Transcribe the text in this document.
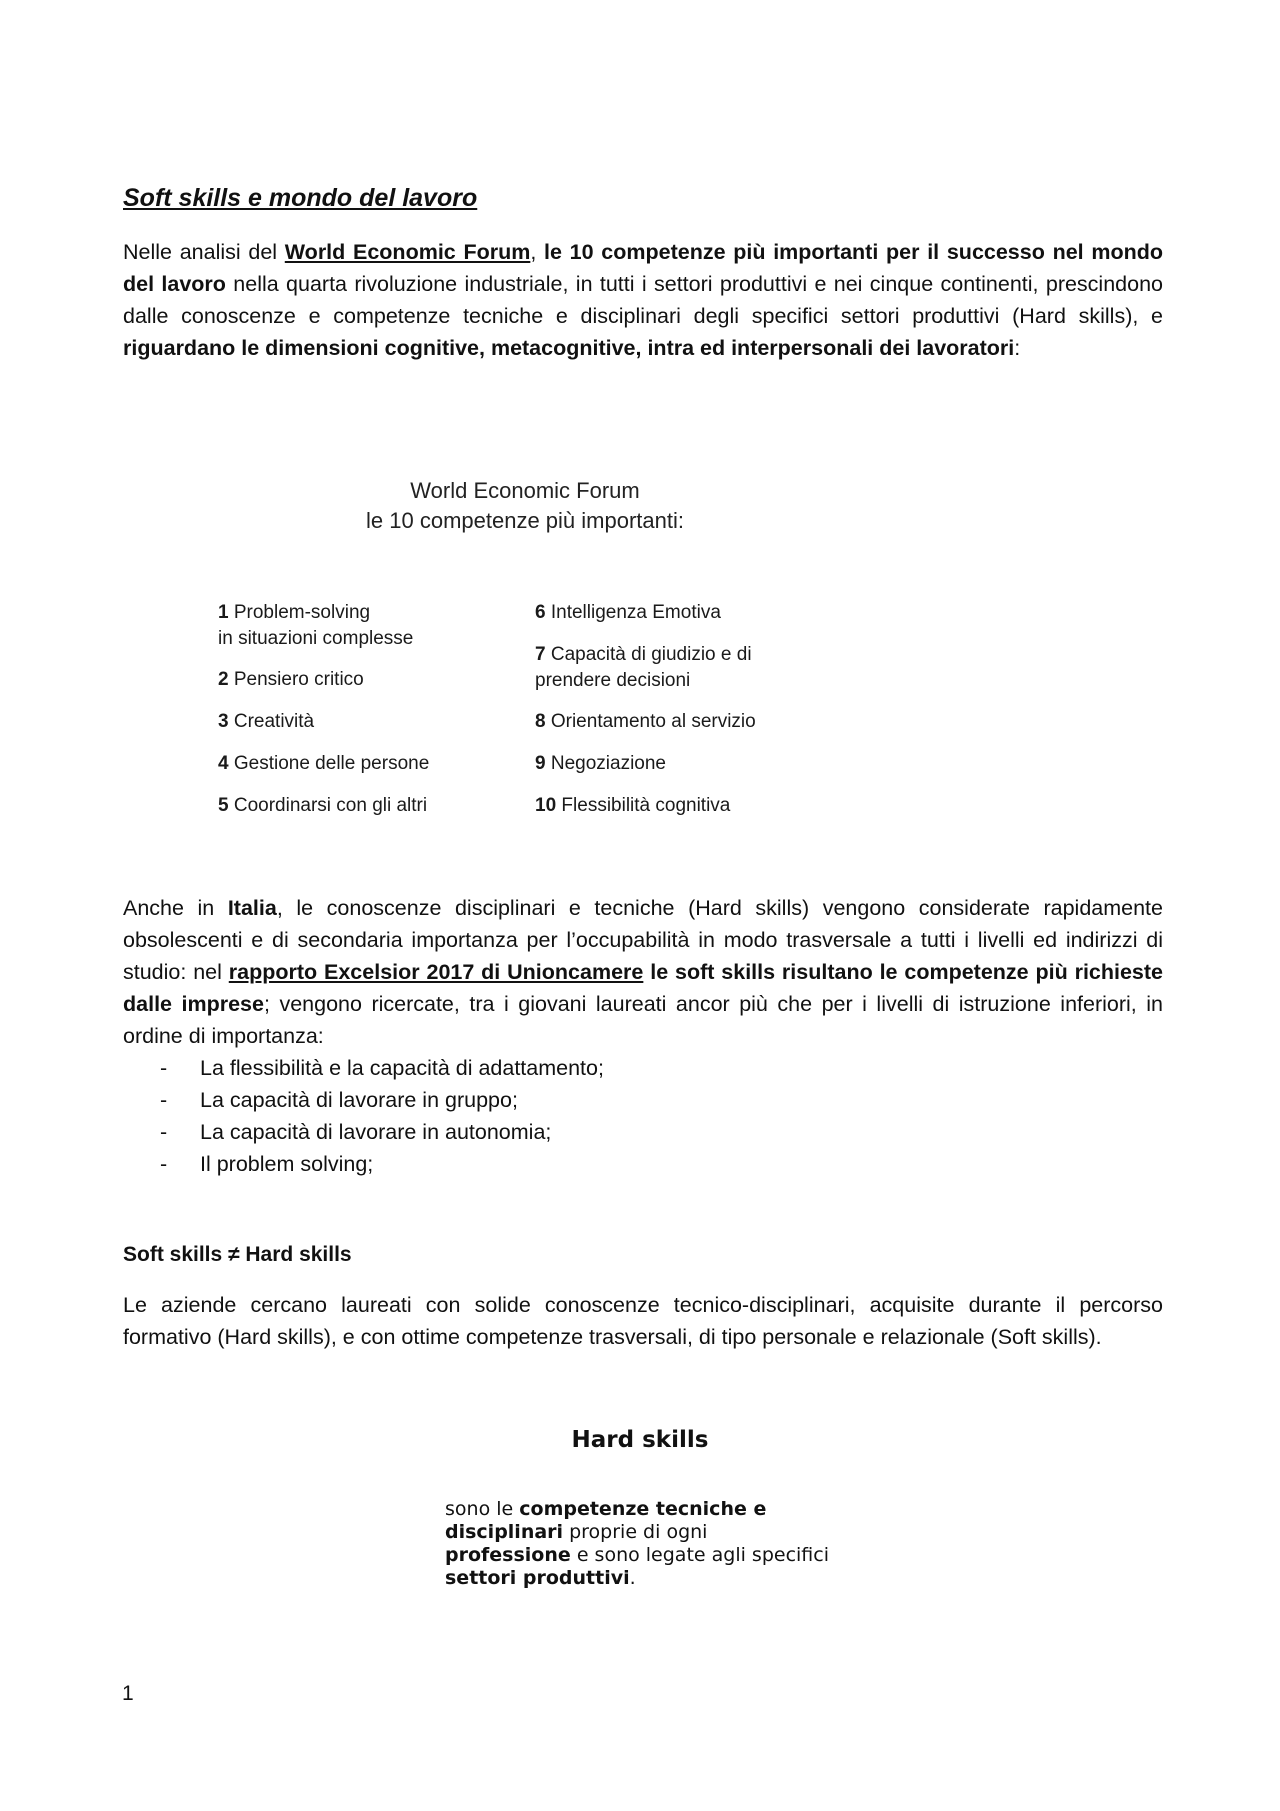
Soft skills e mondo del lavoro

Nelle analisi del World Economic Forum, le 10 competenze più importanti per il successo nel mondo del lavoro nella quarta rivoluzione industriale, in tutti i settori produttivi e nei cinque continenti, prescindono dalle conoscenze e competenze tecniche e disciplinari degli specifici settori produttivi (Hard skills), e riguardano le dimensioni cognitive, metacognitive, intra ed interpersonali dei lavoratori:

World Economic Forum
le 10 competenze più importanti:
1 Problem-solving
in situazioni complesse
2 Pensiero critico
3 Creatività
4 Gestione delle persone
5 Coordinarsi con gli altri
6 Intelligenza Emotiva
7 Capacità di giudizio e di
prendere decisioni
8 Orientamento al servizio
9 Negoziazione
10 Flessibilità cognitiva

Anche in Italia, le conoscenze disciplinari e tecniche (Hard skills) vengono considerate rapidamente obsolescenti e di secondaria importanza per l’occupabilità in modo trasversale a tutti i livelli ed indirizzi di studio: nel rapporto Excelsior 2017 di Unioncamere le soft skills risultano le competenze più richieste dalle imprese; vengono ricercate, tra i giovani laureati ancor più che per i livelli di istruzione inferiori, in ordine di importanza:

- La flessibilità e la capacità di adattamento;
- La capacità di lavorare in gruppo;
- La capacità di lavorare in autonomia;
- Il problem solving;
Soft skills ≠ Hard skills

Le aziende cercano laureati con solide conoscenze tecnico-disciplinari, acquisite durante il percorso formativo (Hard skills), e con ottime competenze trasversali, di tipo personale e relazionale (Soft skills).

Hard skills
sono le competenze tecniche e disciplinari proprie di ogni professione e sono legate agli specifici settori produttivi.
1
